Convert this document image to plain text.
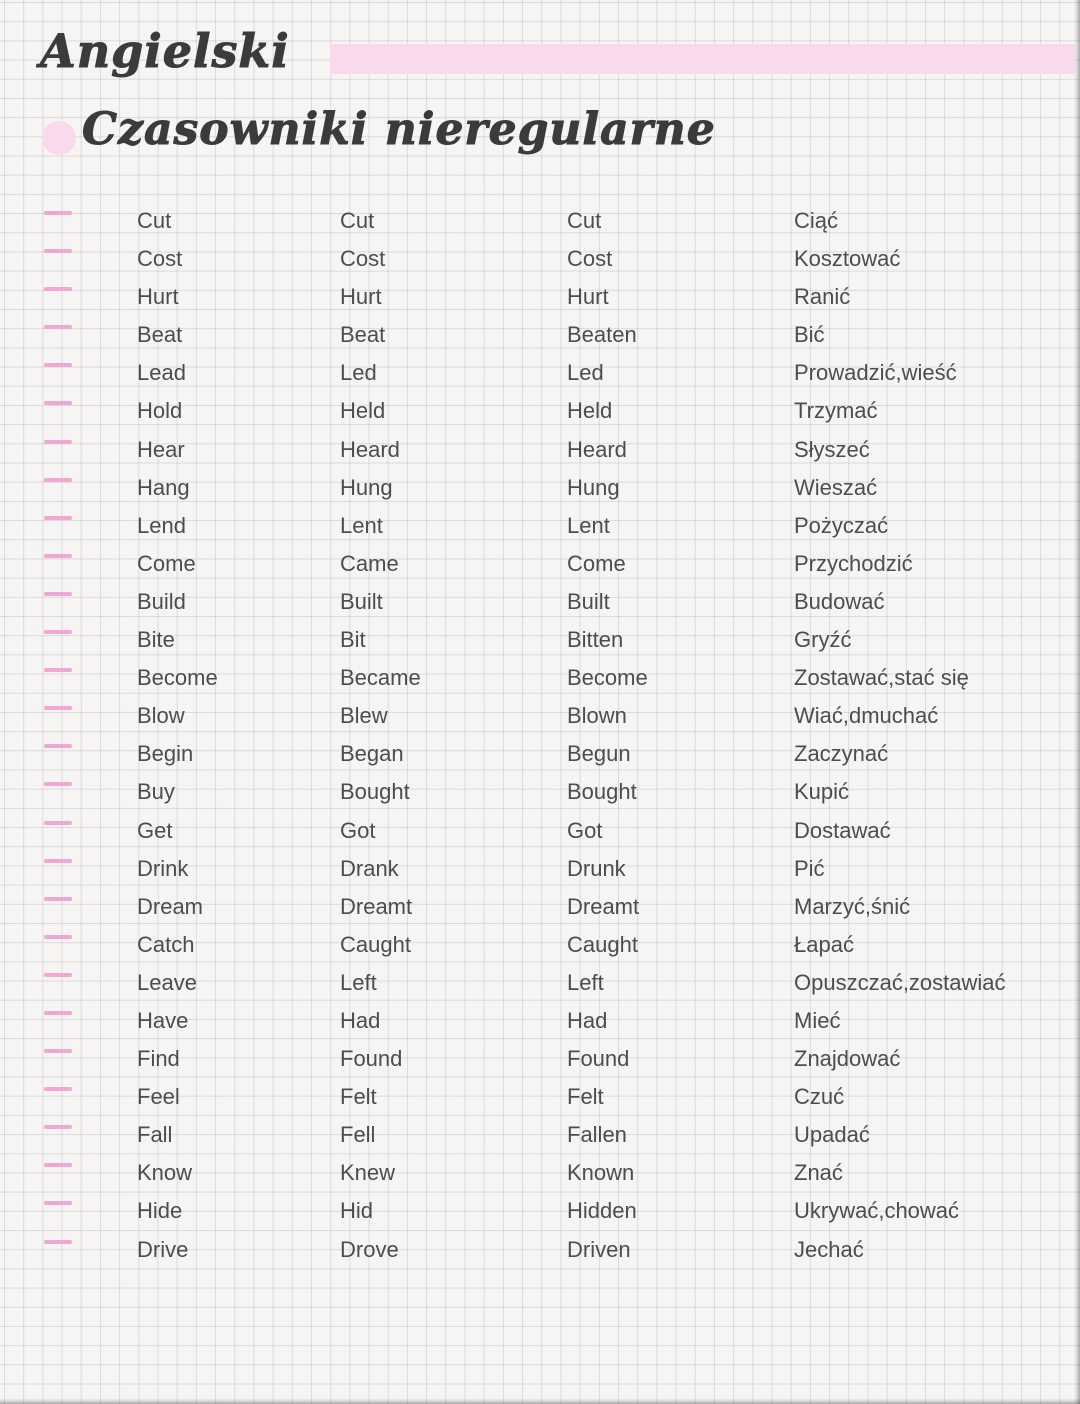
Angielski
Czasowniki nieregularne
Cut	Cut	Cut	Ciąć
Cost	Cost	Cost	Kosztować
Hurt	Hurt	Hurt	Ranić
Beat	Beat	Beaten	Bić
Lead	Led	Led	Prowadzić,wieść
Hold	Held	Held	Trzymać
Hear	Heard	Heard	Słyszeć
Hang	Hung	Hung	Wieszać
Lend	Lent	Lent	Pożyczać
Come	Came	Come	Przychodzić
Build	Built	Built	Budować
Bite	Bit	Bitten	Gryźć
Become	Became	Become	Zostawać,stać się
Blow	Blew	Blown	Wiać,dmuchać
Begin	Began	Begun	Zaczynać
Buy	Bought	Bought	Kupić
Get	Got	Got	Dostawać
Drink	Drank	Drunk	Pić
Dream	Dreamt	Dreamt	Marzyć,śnić
Catch	Caught	Caught	Łapać
Leave	Left	Left	Opuszczać,zostawiać
Have	Had	Had	Mieć
Find	Found	Found	Znajdować
Feel	Felt	Felt	Czuć
Fall	Fell	Fallen	Upadać
Know	Knew	Known	Znać
Hide	Hid	Hidden	Ukrywać,chować
Drive	Drove	Driven	Jechać
